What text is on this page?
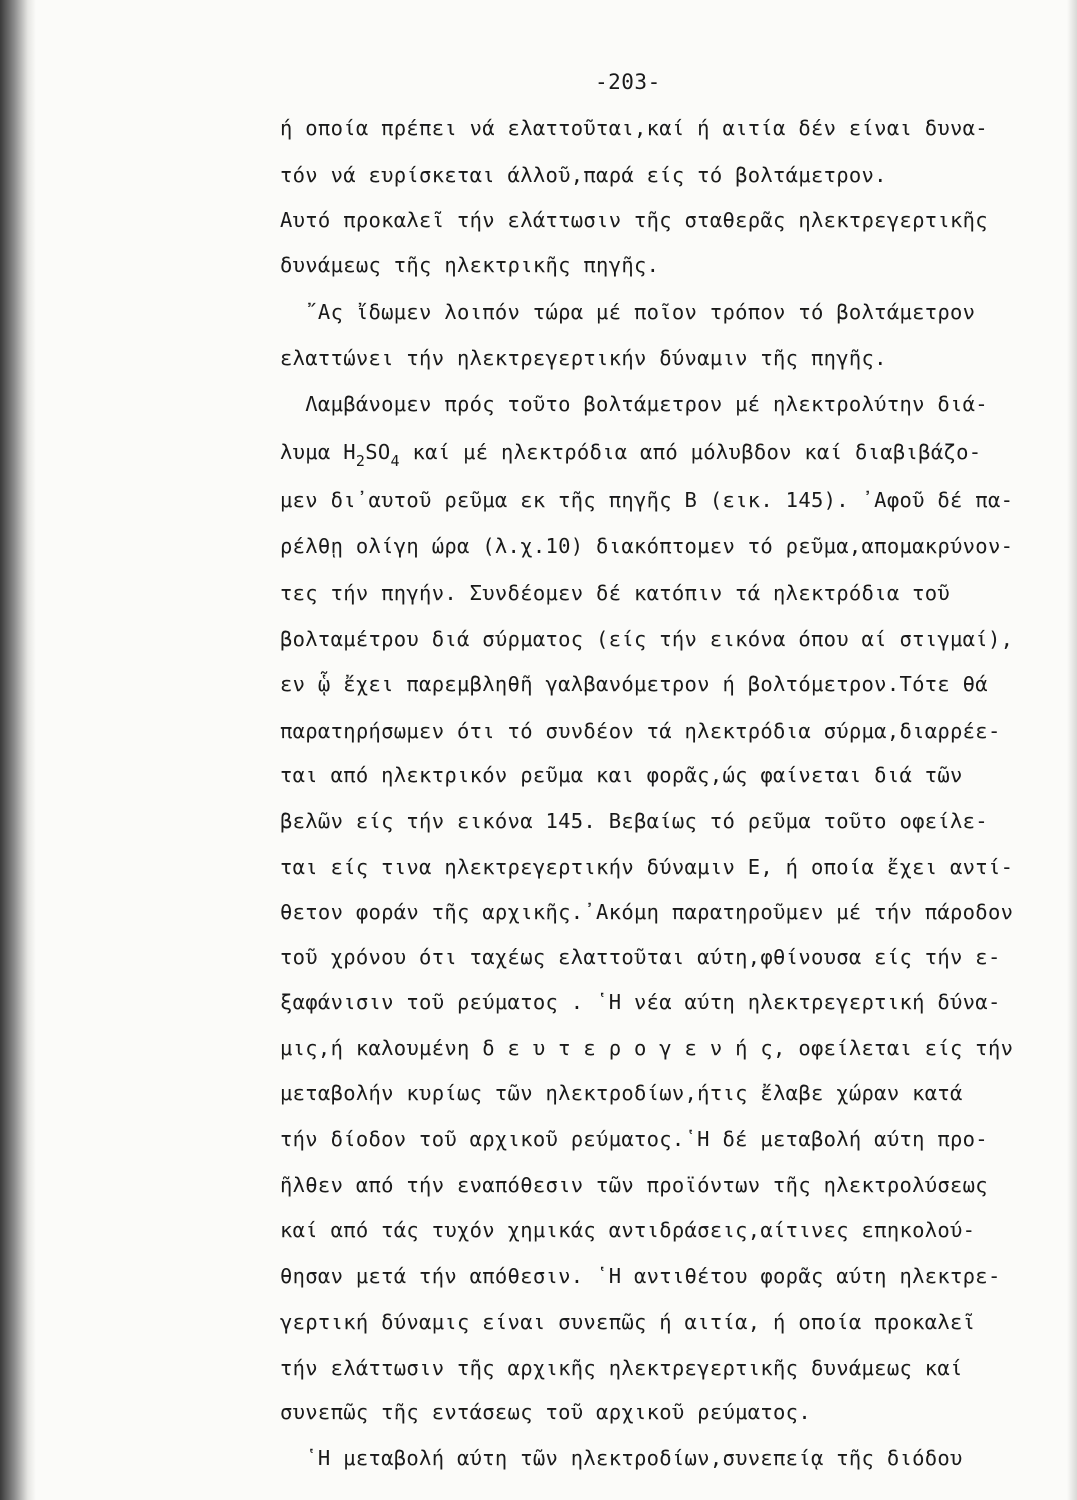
-203-
ή οποία πρέπει νά ελαττοῦται,καί ή αιτία δέν είναι δυνα-
τόν νά ευρίσκεται άλλοῦ,παρά είς τό βολτάμετρον.
Αυτό προκαλεῖ τήν ελάττωσιν τῆς σταθερᾶς ηλεκτρεγερτικῆς
δυνάμεως τῆς ηλεκτρικῆς πηγῆς.
῎Ας ἴδωμεν λοιπόν τώρα μέ ποῖον τρόπον τό βολτάμετρον
ελαττώνει τήν ηλεκτρεγερτικήν δύναμιν τῆς πηγῆς.
Λαμβάνομεν πρός τοῦτο βολτάμετρον μέ ηλεκτρολύτην διά-
λυμα $H_2SO_4$ καί μέ ηλεκτρόδια από μόλυβδον καί διαβιβάζο-
μεν δι᾽αυτοῦ ρεῦμα εκ τῆς πηγῆς Β (εικ. 145). ᾽Αφοῦ δέ πα-
ρέλθῃ ολίγη ώρα (λ.χ.10) διακόπτομεν τό ρεῦμα,απομακρύνον-
τες τήν πηγήν. Συνδέομεν δέ κατόπιν τά ηλεκτρόδια τοῦ
βολταμέτρου διά σύρματος (είς τήν εικόνα όπου αί στιγμαί),
εν ᾧ ἔχει παρεμβληθῆ γαλβανόμετρον ή βολτόμετρον.Τότε θά
παρατηρήσωμεν ότι τό συνδέον τά ηλεκτρόδια σύρμα,διαρρέε-
ται από ηλεκτρικόν ρεῦμα και φορᾶς,ώς φαίνεται διά τῶν
βελῶν είς τήν εικόνα 145. Βεβαίως τό ρεῦμα τοῦτο οφείλε-
ται είς τινα ηλεκτρεγερτικήν δύναμιν Ε, ή οποία ἔχει αντί-
θετον φοράν τῆς αρχικῆς.᾽Ακόμη παρατηροῦμεν μέ τήν πάροδον
τοῦ χρόνου ότι ταχέως ελαττοῦται αύτη,φθίνουσα είς τήν ε-
ξαφάνισιν τοῦ ρεύματος . ῾Η νέα αύτη ηλεκτρεγερτική δύνα-
μις,ή καλουμένη δ ε υ τ ε ρ ο γ ε ν ή ς, οφείλεται είς τήν
μεταβολήν κυρίως τῶν ηλεκτροδίων,ήτις ἔλαβε χώραν κατά
τήν δίοδον τοῦ αρχικοῦ ρεύματος.῾Η δέ μεταβολή αύτη προ-
ῆλθεν από τήν εναπόθεσιν τῶν προϊόντων τῆς ηλεκτρολύσεως
καί από τάς τυχόν χημικάς αντιδράσεις,αίτινες επηκολού-
θησαν μετά τήν απόθεσιν. ῾Η αντιθέτου φορᾶς αύτη ηλεκτρε-
γερτική δύναμις είναι συνεπῶς ή αιτία, ή οποία προκαλεῖ
τήν ελάττωσιν τῆς αρχικῆς ηλεκτρεγερτικῆς δυνάμεως καί
συνεπῶς τῆς εντάσεως τοῦ αρχικοῦ ρεύματος.
῾Η μεταβολή αύτη τῶν ηλεκτροδίων,συνεπείᾳ τῆς διόδου
